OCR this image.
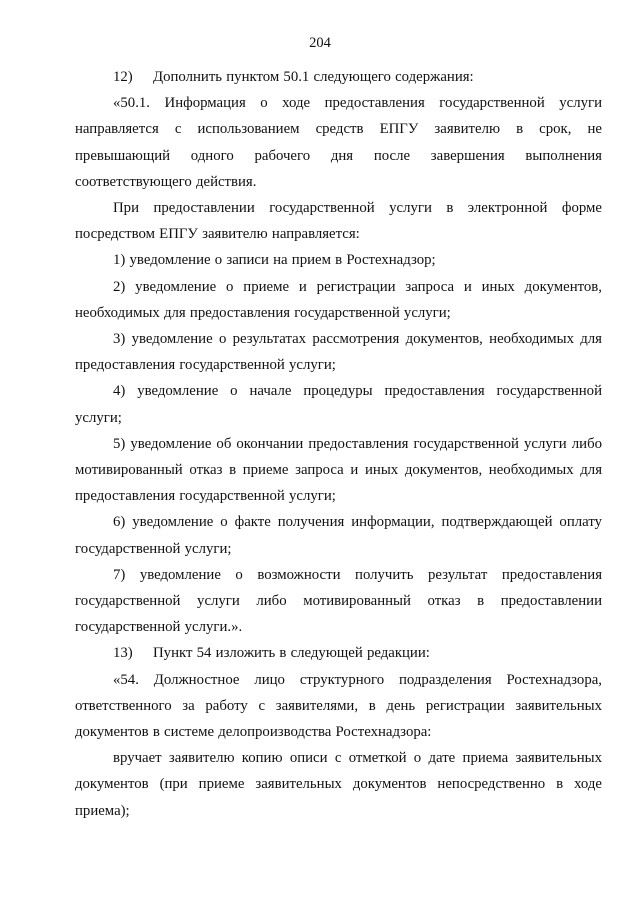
204

12) Дополнить пунктом 50.1 следующего содержания:

«50.1. Информация о ходе предоставления государственной услуги направляется с использованием средств ЕПГУ заявителю в срок, не превышающий одного рабочего дня после завершения выполнения соответствующего действия.

При предоставлении государственной услуги в электронной форме посредством ЕПГУ заявителю направляется:

1) уведомление о записи на прием в Ростехнадзор;

2) уведомление о приеме и регистрации запроса и иных документов, необходимых для предоставления государственной услуги;

3) уведомление о результатах рассмотрения документов, необходимых для предоставления государственной услуги;

4) уведомление о начале процедуры предоставления государственной услуги;

5) уведомление об окончании предоставления государственной услуги либо мотивированный отказ в приеме запроса и иных документов, необходимых для предоставления государственной услуги;

6) уведомление о факте получения информации, подтверждающей оплату государственной услуги;

7) уведомление о возможности получить результат предоставления государственной услуги либо мотивированный отказ в предоставлении государственной услуги.».

13) Пункт 54 изложить в следующей редакции:

«54. Должностное лицо структурного подразделения Ростехнадзора, ответственного за работу с заявителями, в день регистрации заявительных документов в системе делопроизводства Ростехнадзора:

вручает заявителю копию описи с отметкой о дате приема заявительных документов (при приеме заявительных документов непосредственно в ходе приема);
